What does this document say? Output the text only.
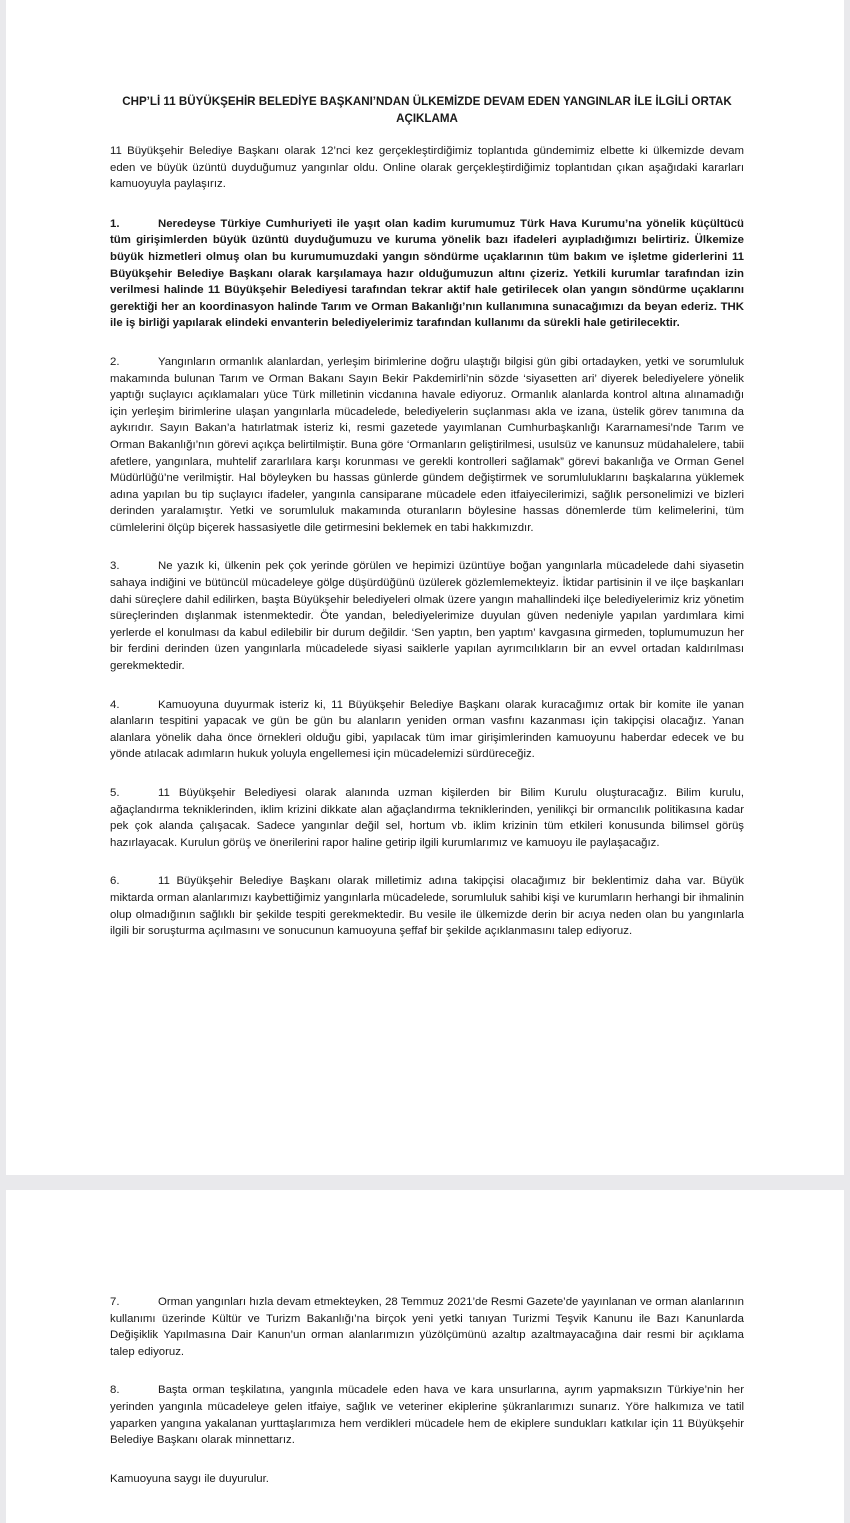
CHP’Lİ 11 BÜYÜKŞEHİR BELEDİYE BAŞKANI’NDAN ÜLKEMİZDE DEVAM EDEN YANGINLAR İLE İLGİLİ ORTAK
AÇIKLAMA

11 Büyükşehir Belediye Başkanı olarak 12’nci kez gerçekleştirdiğimiz toplantıda gündemimiz elbette ki ülkemizde devam eden ve büyük üzüntü duyduğumuz yangınlar oldu. Online olarak gerçekleştirdiğimiz toplantıdan çıkan aşağıdaki kararları kamuoyuyla paylaşırız.

1.	Neredeyse Türkiye Cumhuriyeti ile yaşıt olan kadim kurumumuz Türk Hava Kurumu’na yönelik küçültücü tüm girişimlerden büyük üzüntü duyduğumuzu ve kuruma yönelik bazı ifadeleri ayıpladığımızı belirtiriz. Ülkemize büyük hizmetleri olmuş olan bu kurumumuzdaki yangın söndürme uçaklarının tüm bakım ve işletme giderlerini 11 Büyükşehir Belediye Başkanı olarak karşılamaya hazır olduğumuzun altını çizeriz. Yetkili kurumlar tarafından izin verilmesi halinde 11 Büyükşehir Belediyesi tarafından tekrar aktif hale getirilecek olan yangın söndürme uçaklarını gerektiği her an koordinasyon halinde Tarım ve Orman Bakanlığı’nın kullanımına sunacağımızı da beyan ederiz. THK ile iş birliği yapılarak elindeki envanterin belediyelerimiz tarafından kullanımı da sürekli hale getirilecektir.

2.	Yangınların ormanlık alanlardan, yerleşim birimlerine doğru ulaştığı bilgisi gün gibi ortadayken, yetki ve sorumluluk makamında bulunan Tarım ve Orman Bakanı Sayın Bekir Pakdemirli’nin sözde ‘siyasetten ari’ diyerek belediyelere yönelik yaptığı suçlayıcı açıklamaları yüce Türk milletinin vicdanına havale ediyoruz. Ormanlık alanlarda kontrol altına alınamadığı için yerleşim birimlerine ulaşan yangınlarla mücadelede, belediyelerin suçlanması akla ve izana, üstelik görev tanımına da aykırıdır. Sayın Bakan’a hatırlatmak isteriz ki, resmi gazetede yayımlanan Cumhurbaşkanlığı Kararnamesi’nde Tarım ve Orman Bakanlığı’nın görevi açıkça belirtilmiştir. Buna göre ‘Ormanların geliştirilmesi, usulsüz ve kanunsuz müdahalelere, tabii afetlere, yangınlara, muhtelif zararlılara karşı korunması ve gerekli kontrolleri sağlamak” görevi bakanlığa ve Orman Genel Müdürlüğü’ne verilmiştir. Hal böyleyken bu hassas günlerde gündem değiştirmek ve sorumluluklarını başkalarına yüklemek adına yapılan bu tip suçlayıcı ifadeler, yangınla cansiparane mücadele eden itfaiyecilerimizi, sağlık personelimizi ve bizleri derinden yaralamıştır. Yetki ve sorumluluk makamında oturanların böylesine hassas dönemlerde tüm kelimelerini, tüm cümlelerini ölçüp biçerek hassasiyetle dile getirmesini beklemek en tabi hakkımızdır.

3.	Ne yazık ki, ülkenin pek çok yerinde görülen ve hepimizi üzüntüye boğan yangınlarla mücadelede dahi siyasetin sahaya indiğini ve bütüncül mücadeleye gölge düşürdüğünü üzülerek gözlemlemekteyiz. İktidar partisinin il ve ilçe başkanları dahi süreçlere dahil edilirken, başta Büyükşehir belediyeleri olmak üzere yangın mahallindeki ilçe belediyelerimiz kriz yönetim süreçlerinden dışlanmak istenmektedir. Öte yandan, belediyelerimize duyulan güven nedeniyle yapılan yardımlara kimi yerlerde el konulması da kabul edilebilir bir durum değildir. ‘Sen yaptın, ben yaptım’ kavgasına girmeden, toplumumuzun her bir ferdini derinden üzen yangınlarla mücadelede siyasi saiklerle yapılan ayrımcılıkların bir an evvel ortadan kaldırılması gerekmektedir.

4.	Kamuoyuna duyurmak isteriz ki, 11 Büyükşehir Belediye Başkanı olarak kuracağımız ortak bir komite ile yanan alanların tespitini yapacak ve gün be gün bu alanların yeniden orman vasfını kazanması için takipçisi olacağız. Yanan alanlara yönelik daha önce örnekleri olduğu gibi, yapılacak tüm imar girişimlerinden kamuoyunu haberdar edecek ve bu yönde atılacak adımların hukuk yoluyla engellemesi için mücadelemizi sürdüreceğiz.

5.	11 Büyükşehir Belediyesi olarak alanında uzman kişilerden bir Bilim Kurulu oluşturacağız. Bilim kurulu, ağaçlandırma tekniklerinden, iklim krizini dikkate alan ağaçlandırma tekniklerinden, yenilikçi bir ormancılık politikasına kadar pek çok alanda çalışacak. Sadece yangınlar değil sel, hortum vb. iklim krizinin tüm etkileri konusunda bilimsel görüş hazırlayacak. Kurulun görüş ve önerilerini rapor haline getirip ilgili kurumlarımız ve kamuoyu ile paylaşacağız.

6.	11 Büyükşehir Belediye Başkanı olarak milletimiz adına takipçisi olacağımız bir beklentimiz daha var. Büyük miktarda orman alanlarımızı kaybettiğimiz yangınlarla mücadelede, sorumluluk sahibi kişi ve kurumların herhangi bir ihmalinin olup olmadığının sağlıklı bir şekilde tespiti gerekmektedir. Bu vesile ile ülkemizde derin bir acıya neden olan bu yangınlarla ilgili bir soruşturma açılmasını ve sonucunun kamuoyuna şeffaf bir şekilde açıklanmasını talep ediyoruz.

7.	Orman yangınları hızla devam etmekteyken, 28 Temmuz 2021’de Resmi Gazete’de yayınlanan ve orman alanlarının kullanımı üzerinde Kültür ve Turizm Bakanlığı’na birçok yeni yetki tanıyan Turizmi Teşvik Kanunu ile Bazı Kanunlarda Değişiklik Yapılmasına Dair Kanun’un orman alanlarımızın yüzölçümünü azaltıp azaltmayacağına dair resmi bir açıklama talep ediyoruz.

8.	Başta orman teşkilatına, yangınla mücadele eden hava ve kara unsurlarına, ayrım yapmaksızın Türkiye’nin her yerinden yangınla mücadeleye gelen itfaiye, sağlık ve veteriner ekiplerine şükranlarımızı sunarız. Yöre halkımıza ve tatil yaparken yangına yakalanan yurttaşlarımıza hem verdikleri mücadele hem de ekiplere sundukları katkılar için 11 Büyükşehir Belediye Başkanı olarak minnettarız.

Kamuoyuna saygı ile duyurulur.
